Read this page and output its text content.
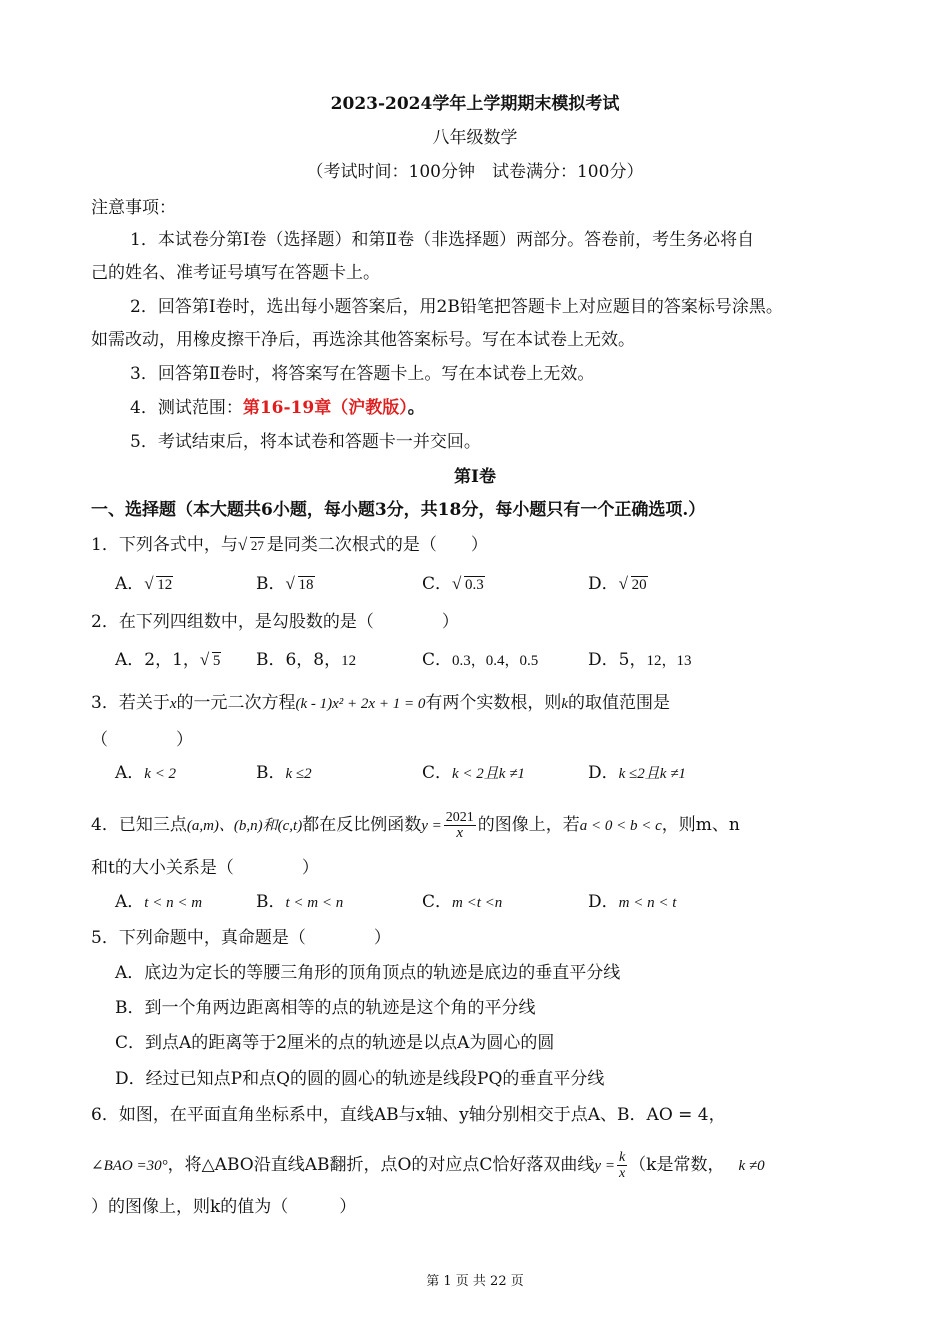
2023-2024学年上学期期末模拟考试
八年级数学
（考试时间：100分钟　试卷满分：100分）
注意事项：
1．本试卷分第Ⅰ卷（选择题）和第Ⅱ卷（非选择题）两部分。答卷前，考生务必将自
己的姓名、准考证号填写在答题卡上。
2．回答第Ⅰ卷时，选出每小题答案后，用2B铅笔把答题卡上对应题目的答案标号涂黑。
如需改动，用橡皮擦干净后，再选涂其他答案标号。写在本试卷上无效。
3．回答第Ⅱ卷时，将答案写在答题卡上。写在本试卷上无效。
4．测试范围：第16-19章（沪教版）。
5．考试结束后，将本试卷和答题卡一并交回。
第Ⅰ卷
一、选择题（本大题共6小题，每小题3分，共18分，每小题只有一个正确选项.）
1．下列各式中，与 √ 27 是同类二次根式的是（　　）
A． √ 12	B． √ 18	C． √ 0.3	D． √ 20
2．在下列四组数中，是勾股数的是（　　　　）
A．2，1， √ 5 B．6，8，12	C．0.3，0.4，0.5	D．5，12，13
3．若关于x的一元二次方程(k - 1)x² + 2x + 1 = 0有两个实数根，则k的取值范围是
（　　　　）
A．k < 2	B．k ≤2	C．k < 2且k ≠1	D．k ≤2且k ≠1
4．已知三点(a,m)、(b,n)和(c,t)都在反比例函数$y = \frac{2021}{x}$ 的图像上，若a < 0 < b < c，则m、n
和t的大小关系是（　　　　）
A．t < n < m	B．t < m < n	C．m <t <n	D．m < n < t
5．下列命题中，真命题是（　　　　）
A．底边为定长的等腰三角形的顶角顶点的轨迹是底边的垂直平分线
B．到一个角两边距离相等的点的轨迹是这个角的平分线
C．到点A的距离等于2厘米的点的轨迹是以点A为圆心的圆
D．经过已知点P和点Q的圆的圆心的轨迹是线段PQ的垂直平分线
6．如图，在平面直角坐标系中，直线AB与x轴、y轴分别相交于点A、B．AO = 4，
∠BAO =30°，将△ABO沿直线AB翻折，点O的对应点C恰好落双曲线$y = \frac{k}{x} (k$是常数， k ≠0
）的图像上，则k的值为（　　　）
第 1 页 共 22 页
